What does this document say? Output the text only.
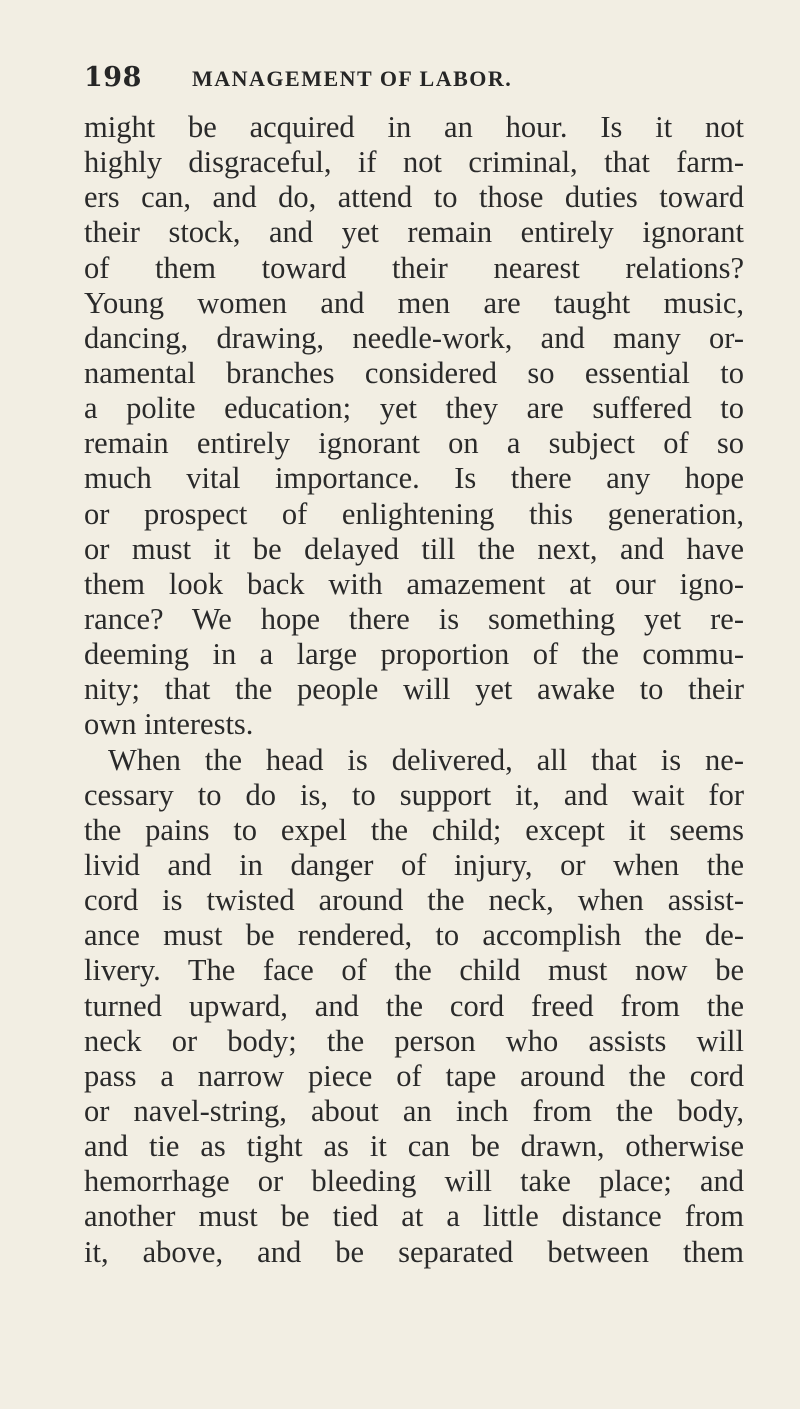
198 MANAGEMENT OF LABOR.
might be acquired in an hour. Is it not
highly disgraceful, if not criminal, that farm-
ers can, and do, attend to those duties toward
their stock, and yet remain entirely ignorant
of them toward their nearest relations?
Young women and men are taught music,
dancing, drawing, needle-work, and many or-
namental branches considered so essential to
a polite education; yet they are suffered to
remain entirely ignorant on a subject of so
much vital importance. Is there any hope
or prospect of enlightening this generation,
or must it be delayed till the next, and have
them look back with amazement at our igno-
rance? We hope there is something yet re-
deeming in a large proportion of the commu-
nity; that the people will yet awake to their
own interests.
When the head is delivered, all that is ne-
cessary to do is, to support it, and wait for
the pains to expel the child; except it seems
livid and in danger of injury, or when the
cord is twisted around the neck, when assist-
ance must be rendered, to accomplish the de-
livery. The face of the child must now be
turned upward, and the cord freed from the
neck or body; the person who assists will
pass a narrow piece of tape around the cord
or navel-string, about an inch from the body,
and tie as tight as it can be drawn, otherwise
hemorrhage or bleeding will take place; and
another must be tied at a little distance from
it, above, and be separated between them
